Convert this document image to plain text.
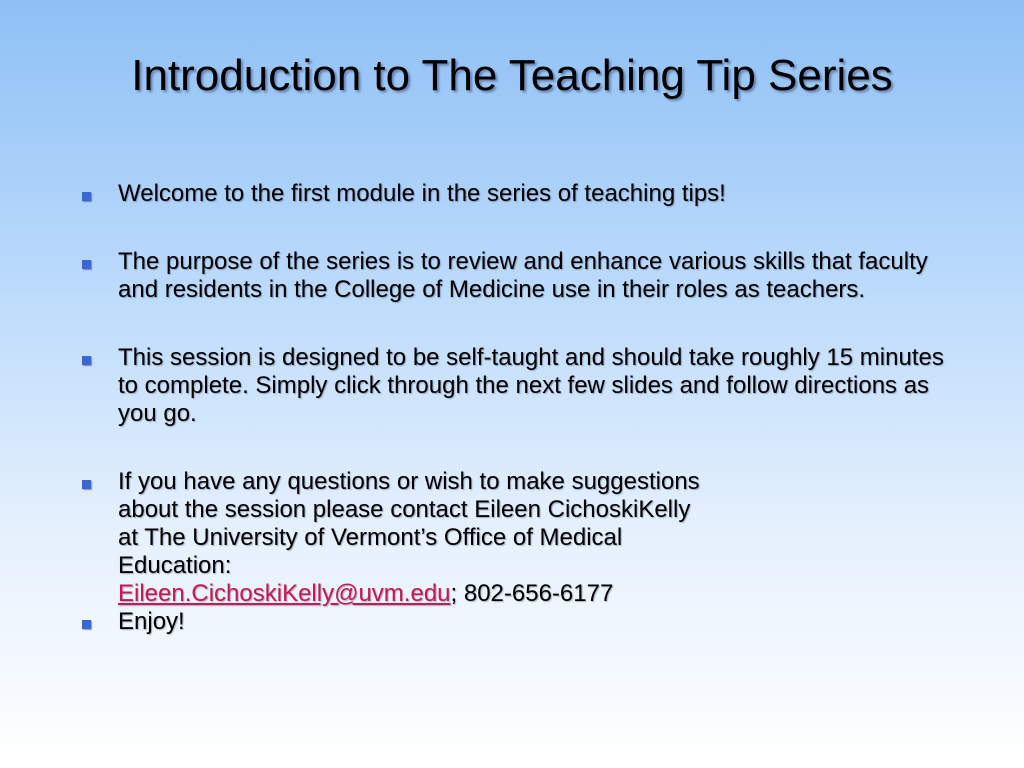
Introduction to The Teaching Tip Series
Welcome to the first module in the series of teaching tips!
The purpose of the series is to review and enhance various skills that faculty and residents in the College of Medicine use in their roles as teachers.
This session is designed to be self-taught and should take roughly 15 minutes to complete. Simply click through the next few slides and follow directions as you go.
If you have any questions or wish to make suggestions
about the session please contact Eileen CichoskiKelly
at The University of Vermont’s Office of Medical
Education:
Eileen.CichoskiKelly@uvm.edu; 802-656-6177
Enjoy!
